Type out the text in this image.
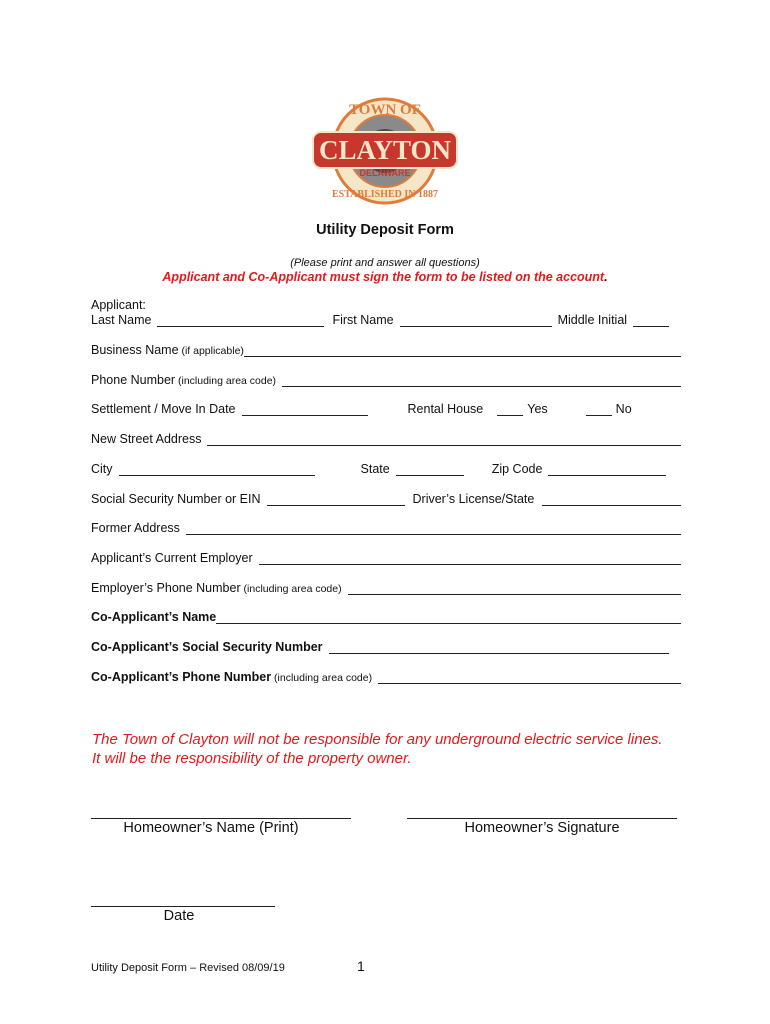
TOWN OF
CLAYTON
DELAWARE
ESTABLISHED IN 1887
Utility Deposit Form
(Please print and answer all questions)
Applicant and Co-Applicant must sign the form to be listed on the account.
Applicant:
Last Name	First Name	Middle Initial
Business Name (if applicable)
Phone Number (including area code)
Settlement / Move In Date	Rental House	Yes	No
New Street Address
City	State	Zip Code
Social Security Number or EIN	Driver’s License/State
Former Address
Applicant’s Current Employer
Employer’s Phone Number (including area code)
Co-Applicant’s Name
Co-Applicant’s Social Security Number
Co-Applicant’s Phone Number (including area code)
The Town of Clayton will not be responsible for any underground electric service lines.
It will be the responsibility of the property owner.
Homeowner’s Name (Print)	Homeowner’s Signature
Date
Utility Deposit Form – Revised 08/09/19	1
